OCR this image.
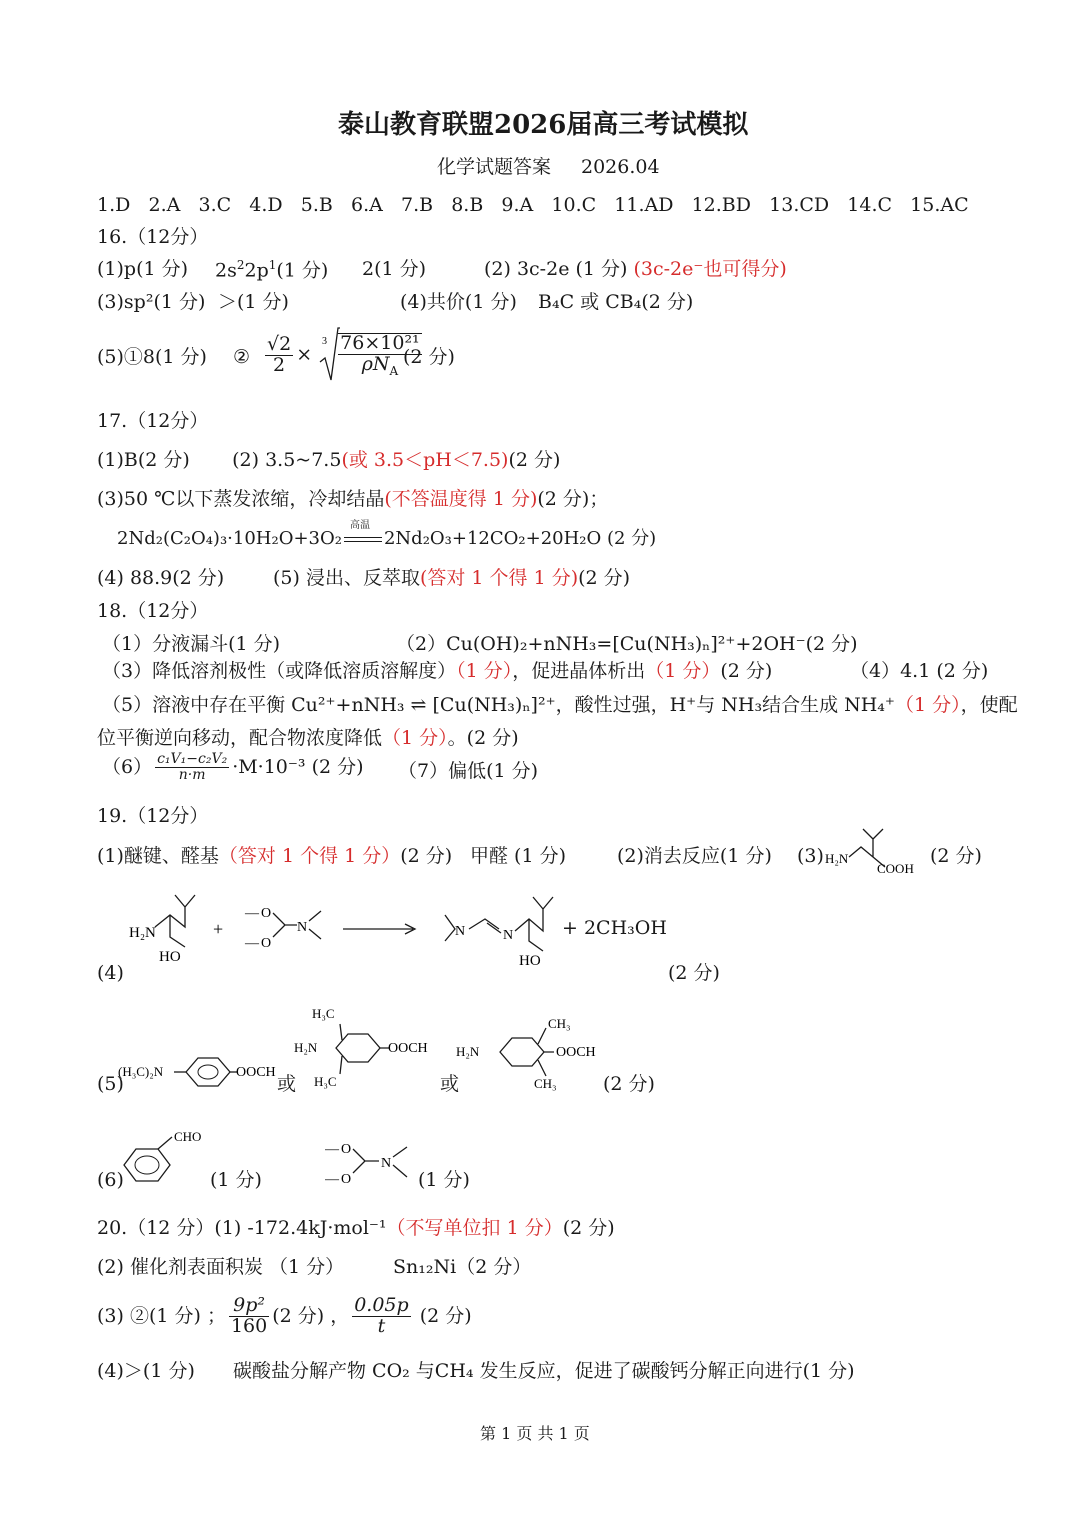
泰山教育联盟2026届高三考试模拟
化学试题答案 2026.04
1.D 2.A 3.C 4.D 5.B 6.A 7.B 8.B 9.A 10.C 11.AD 12.BD 13.CD 14.C 15.AC
16.（12分）
(1)p(1 分) $2s^22p^1(1$ 分) 2(1 分)	(2) 3c-2e (1 分) (3c-2e⁻也可得分)
(3)sp²(1 分) ＞(1 分)	(4)共价(1 分) B₄C 或 CB₄(2 分)
(5)①8(1 分) ② $\frac{√2}{2}$ ×
$3 \frac{\text{76×10²¹}}{\rho N_A}$
(2 分)
17.（12分）
(1)B(2 分) (2) 3.5~7.5(或 3.5＜pH＜7.5)(2 分)
(3)50 ℃以下蒸发浓缩，冷却结晶(不答温度得 1 分)(2 分)；
2Nd₂(C₂O₄)₃·10H₂O+3O₂
高温
2Nd₂O₃+12CO₂+20H₂O (2 分)
(4) 88.9(2 分)	(5) 浸出、反萃取(答对 1 个得 1 分)(2 分)
18.（12分）
（1）分液漏斗(1 分)	（2）Cu(OH)₂+nNH₃=[Cu(NH₃)ₙ]²⁺+2OH⁻(2 分)
（3）降低溶剂极性（或降低溶质溶解度）（1 分），促进晶体析出（1 分）(2 分)	（4）4.1 (2 分)
（5）溶液中存在平衡 Cu²⁺+nNH₃ ⇌ [Cu(NH₃)ₙ]²⁺，酸性过强，H⁺与 NH₃结合生成 NH₄⁺（1 分），使配
位平衡逆向移动，配合物浓度降低（1 分）。(2 分)
$(6) \frac{\text{c₁V₁−c₂V₂}}{n\cdot m} \cdot M\cdot 10^{-3}$ (2 分) （7）偏低(1 分)
19.（12分）
(1)醚键、醛基（答对 1 个得 1 分）(2 分) 甲醛 (1 分)	(2)消去反应(1 分) (3) H₂N
COOH
(2 分)
H₂N
HO
+
— O
— O
N	N	N
HO
+ 2CH₃OH
(4)	(2 分)
(H₃C)₂N	OOCH
H₃C
H₂N
H₃C
OOCH H₂N
CH₃
OOCH
CH₃
(5)	或	或	(2 分)
CHO
(6)	(1 分)
— O
— O
N
(1 分)
20.（12 分）(1) -172.4kJ·mol⁻¹（不写单位扣 1 分）(2 分)
(2) 催化剂表面积炭 （1 分）	Sn₁₂Ni（2 分）
(3) ②(1 分) ； $\frac{\text{9p²}}{160} (2$ 分) ， $\frac{0.05p}{t} (2$ 分)
(4)＞(1 分) 碳酸盐分解产物 CO₂ 与CH₄ 发生反应，促进了碳酸钙分解正向进行(1 分)
第 1 页 共 1 页
